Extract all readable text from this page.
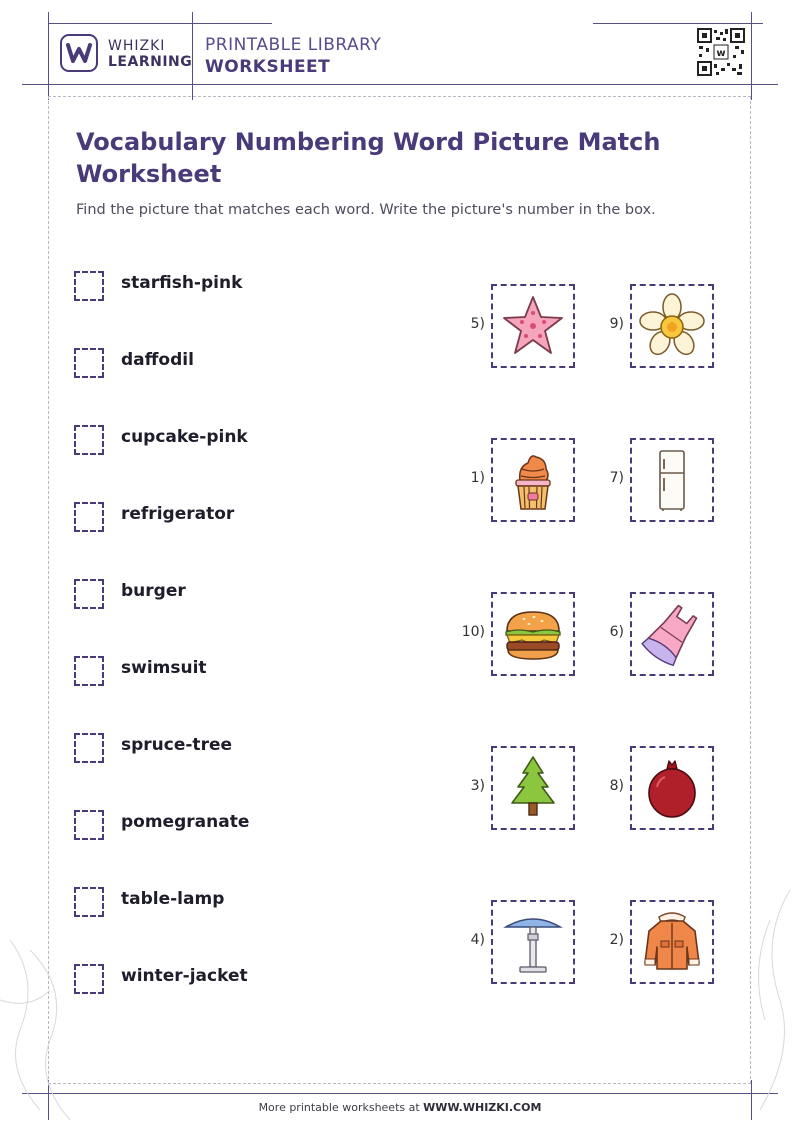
WHIZKI
LEARNING
PRINTABLE LIBRARY
WORKSHEET
w
Vocabulary Numbering Word Picture Match Worksheet
Find the picture that matches each word. Write the picture's number in the box.
starfish-pink
daffodil
cupcake-pink
refrigerator
burger
swimsuit
spruce-tree
pomegranate
table-lamp
winter-jacket
5)	9)
1)	7)
10)	6)
3)	8)
4)	2)
More printable worksheets at WWW.WHIZKI.COM
